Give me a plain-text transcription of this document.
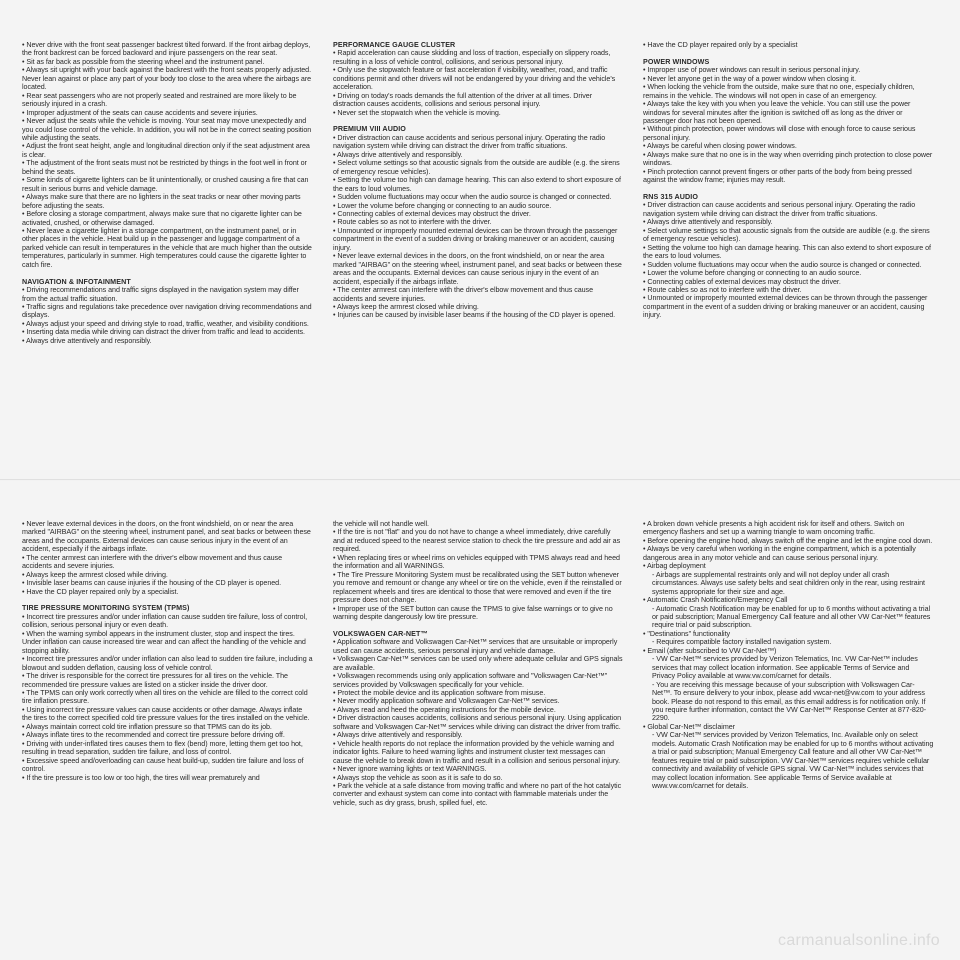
• Never drive with the front seat passenger backrest tilted forward. If the front airbag deploys, the front backrest can be forced backward and injure passengers on the rear seat.

• Sit as far back as possible from the steering wheel and the instrument panel.

• Always sit upright with your back against the backrest with the front seats properly adjusted. Never lean against or place any part of your body too close to the area where the airbags are located.

• Rear seat passengers who are not properly seated and restrained are more likely to be seriously injured in a crash.

• Improper adjustment of the seats can cause accidents and severe injuries.

• Never adjust the seats while the vehicle is moving. Your seat may move unexpectedly and you could lose control of the vehicle. In addition, you will not be in the correct seating position while adjusting the seats.

• Adjust the front seat height, angle and longitudinal direction only if the seat adjustment area is clear.

• The adjustment of the front seats must not be restricted by things in the foot well in front or behind the seats.

• Some kinds of cigarette lighters can be lit unintentionally, or crushed causing a fire that can result in serious burns and vehicle damage.

• Always make sure that there are no lighters in the seat tracks or near other moving parts before adjusting the seats.

• Before closing a storage compartment, always make sure that no cigarette lighter can be activated, crushed, or otherwise damaged.

• Never leave a cigarette lighter in a storage compartment, on the instrument panel, or in other places in the vehicle. Heat build up in the passenger and luggage compartment of a parked vehicle can result in temperatures in the vehicle that are much higher than the outside temperatures, particularly in summer. High temperatures could cause the cigarette lighter to catch fire.

NAVIGATION & INFOTAINMENT

• Driving recommendations and traffic signs displayed in the navigation system may differ from the actual traffic situation.

• Traffic signs and regulations take precedence over navigation driving recommendations and displays.

• Always adjust your speed and driving style to road, traffic, weather, and visibility conditions.

• Inserting data media while driving can distract the driver from traffic and lead to accidents.

• Always drive attentively and responsibly.

PERFORMANCE GAUGE CLUSTER

• Rapid acceleration can cause skidding and loss of traction, especially on slippery roads, resulting in a loss of vehicle control, collisions, and serious personal injury.

• Only use the stopwatch feature or fast acceleration if visibility, weather, road, and traffic conditions permit and other drivers will not be endangered by your driving and the vehicle's acceleration.

• Driving on today's roads demands the full attention of the driver at all times. Driver distraction causes accidents, collisions and serious personal injury.

• Never set the stopwatch when the vehicle is moving.

PREMIUM VIII AUDIO

• Driver distraction can cause accidents and serious personal injury. Operating the radio navigation system while driving can distract the driver from traffic situations.

• Always drive attentively and responsibly.

• Select volume settings so that acoustic signals from the outside are audible (e.g. the sirens of emergency rescue vehicles).

• Setting the volume too high can damage hearing. This can also extend to short exposure of the ears to loud volumes.

• Sudden volume fluctuations may occur when the audio source is changed or connected.

• Lower the volume before changing or connecting to an audio source.

• Connecting cables of external devices may obstruct the driver.

• Route cables so as not to interfere with the driver.

• Unmounted or improperly mounted external devices can be thrown through the passenger compartment in the event of a sudden driving or braking maneuver or an accident, causing injury.

• Never leave external devices in the doors, on the front windshield, on or near the area marked "AIRBAG" on the steering wheel, instrument panel, and seat backs or between these areas and the occupants. External devices can cause serious injury in the event of an accident, especially if the airbags inflate.

• The center armrest can interfere with the driver's elbow movement and thus cause accidents and severe injuries.

• Always keep the armrest closed while driving.

• Injuries can be caused by invisible laser beams if the housing of the CD player is opened.

• Have the CD player repaired only by a specialist

POWER WINDOWS

• Improper use of power windows can result in serious personal injury.

• Never let anyone get in the way of a power window when closing it.

• When locking the vehicle from the outside, make sure that no one, especially children, remains in the vehicle. The windows will not open in case of an emergency.

• Always take the key with you when you leave the vehicle. You can still use the power windows for several minutes after the ignition is switched off as long as the driver or passenger door has not been opened.

• Without pinch protection, power windows will close with enough force to cause serious personal injury.

• Always be careful when closing power windows.

• Always make sure that no one is in the way when overriding pinch protection to close power windows.

• Pinch protection cannot prevent fingers or other parts of the body from being pressed against the window frame; injuries may result.

RNS 315 AUDIO

• Driver distraction can cause accidents and serious personal injury. Operating the radio navigation system while driving can distract the driver from traffic situations.

• Always drive attentively and responsibly.

• Select volume settings so that acoustic signals from the outside are audible (e.g. the sirens of emergency rescue vehicles).

• Setting the volume too high can damage hearing. This can also extend to short exposure of the ears to loud volumes.

• Sudden volume fluctuations may occur when the audio source is changed or connected.

• Lower the volume before changing or connecting to an audio source.

• Connecting cables of external devices may obstruct the driver.

• Route cables so as not to interfere with the driver.

• Unmounted or improperly mounted external devices can be thrown through the passenger compartment in the event of a sudden driving or braking maneuver or an accident, causing injury.

• Never leave external devices in the doors, on the front windshield, on or near the area marked "AIRBAG" on the steering wheel, instrument panel, and seat backs or between these areas and the occupants. External devices can cause serious injury in the event of an accident, especially if the airbags inflate.

• The center armrest can interfere with the driver's elbow movement and thus cause accidents and severe injuries.

• Always keep the armrest closed while driving.

• Invisible laser beams can cause injuries if the housing of the CD player is opened.

• Have the CD player repaired only by a specialist.

TIRE PRESSURE MONITORING SYSTEM (TPMS)

• Incorrect tire pressures and/or under inflation can cause sudden tire failure, loss of control, collision, serious personal injury or even death.

• When the warning symbol appears in the instrument cluster, stop and inspect the tires. Under inflation can cause increased tire wear and can affect the handling of the vehicle and stopping ability.

• Incorrect tire pressures and/or under inflation can also lead to sudden tire failure, including a blowout and sudden deflation, causing loss of vehicle control.

• The driver is responsible for the correct tire pressures for all tires on the vehicle. The recommended tire pressure values are listed on a sticker inside the driver door.

• The TPMS can only work correctly when all tires on the vehicle are filled to the correct cold tire inflation pressure.

• Using incorrect tire pressure values can cause accidents or other damage. Always inflate the tires to the correct specified cold tire pressure values for the tires installed on the vehicle.

• Always maintain correct cold tire inflation pressure so that TPMS can do its job.

• Always inflate tires to the recommended and correct tire pressure before driving off.

• Driving with under-inflated tires causes them to flex (bend) more, letting them get too hot, resulting in tread separation, sudden tire failure, and loss of control.

• Excessive speed and/overloading can cause heat build-up, sudden tire failure and loss of control.

• If the tire pressure is too low or too high, the tires will wear prematurely and

the vehicle will not handle well.

• If the tire is not "flat" and you do not have to change a wheel immediately, drive carefully and at reduced speed to the nearest service station to check the tire pressure and add air as required.

• When replacing tires or wheel rims on vehicles equipped with TPMS always read and heed the information and all WARNINGS.

• The Tire Pressure Monitoring System must be recalibrated using the SET button whenever you remove and remount or change any wheel or tire on the vehicle, even if the reinstalled or replacement wheels and tires are identical to those that were removed and even if the tire pressure does not change.

• Improper use of the SET button can cause the TPMS to give false warnings or to give no warning despite dangerously low tire pressure.

VOLKSWAGEN CAR-NET™

• Application software and Volkswagen Car-Net™ services that are unsuitable or improperly used can cause accidents, serious personal injury and vehicle damage.

• Volkswagen Car-Net™ services can be used only where adequate cellular and GPS signals are available.

• Volkswagen recommends using only application software and "Volkswagen Car-Net™" services provided by Volkswagen specifically for your vehicle.

• Protect the mobile device and its application software from misuse.

• Never modify application software and Volkswagen Car-Net™ services.

• Always read and heed the operating instructions for the mobile device.

• Driver distraction causes accidents, collisions and serious personal injury. Using application software and Volkswagen Car-Net™ services while driving can distract the driver from traffic.

• Always drive attentively and responsibly.

• Vehicle health reports do not replace the information provided by the vehicle warning and indicator lights. Failure to heed warning lights and instrument cluster text messages can cause the vehicle to break down in traffic and result in a collision and serious personal injury.

• Never ignore warning lights or text WARNINGS.

• Always stop the vehicle as soon as it is safe to do so.

• Park the vehicle at a safe distance from moving traffic and where no part of the hot catalytic converter and exhaust system can come into contact with flammable materials under the vehicle, such as dry grass, brush, spilled fuel, etc.

• A broken down vehicle presents a high accident risk for itself and others. Switch on emergency flashers and set up a warning triangle to warn oncoming traffic.

• Before opening the engine hood, always switch off the engine and let the engine cool down.

• Always be very careful when working in the engine compartment, which is a potentially dangerous area in any motor vehicle and can cause serious personal injury.

• Airbag deployment

- Airbags are supplemental restraints only and will not deploy under all crash circumstances. Always use safety belts and seat children only in the rear, using restraint systems appropriate for their size and age.

• Automatic Crash Notification/Emergency Call

- Automatic Crash Notification may be enabled for up to 6 months without activating a trial or paid subscription; Manual Emergency Call feature and all other VW Car-Net™ features require trial or paid subscription.

• "Destinations" functionality

- Requires compatible factory installed navigation system.

• Email (after subscribed to VW Car-Net™)

- VW Car-Net™ services provided by Verizon Telematics, Inc. VW Car-Net™ includes services that may collect location information. See applicable Terms of Service and Privacy Policy available at www.vw.com/carnet for details.

- You are receiving this message because of your subscription with Volkswagen Car-Net™. To ensure delivery to your inbox, please add vwcar-net@vw.com to your address book. Please do not respond to this email, as this email address is for notification only. If you require further information, contact the VW Car-Net™ Response Center at 877-820-2290.

• Global Car-Net™ disclaimer

- VW Car-Net™ services provided by Verizon Telematics, Inc. Available only on select models. Automatic Crash Notification may be enabled for up to 6 months without activating a trial or paid subscription; Manual Emergency Call feature and all other VW Car-Net™ features require trial or paid subscription. VW Car-Net™ services requires vehicle cellular connectivity and availability of vehicle GPS signal. VW Car-Net™ includes services that may collect location information. See applicable Terms of Service available at www.vw.com/carnet for details.

carmanualsonline.info
